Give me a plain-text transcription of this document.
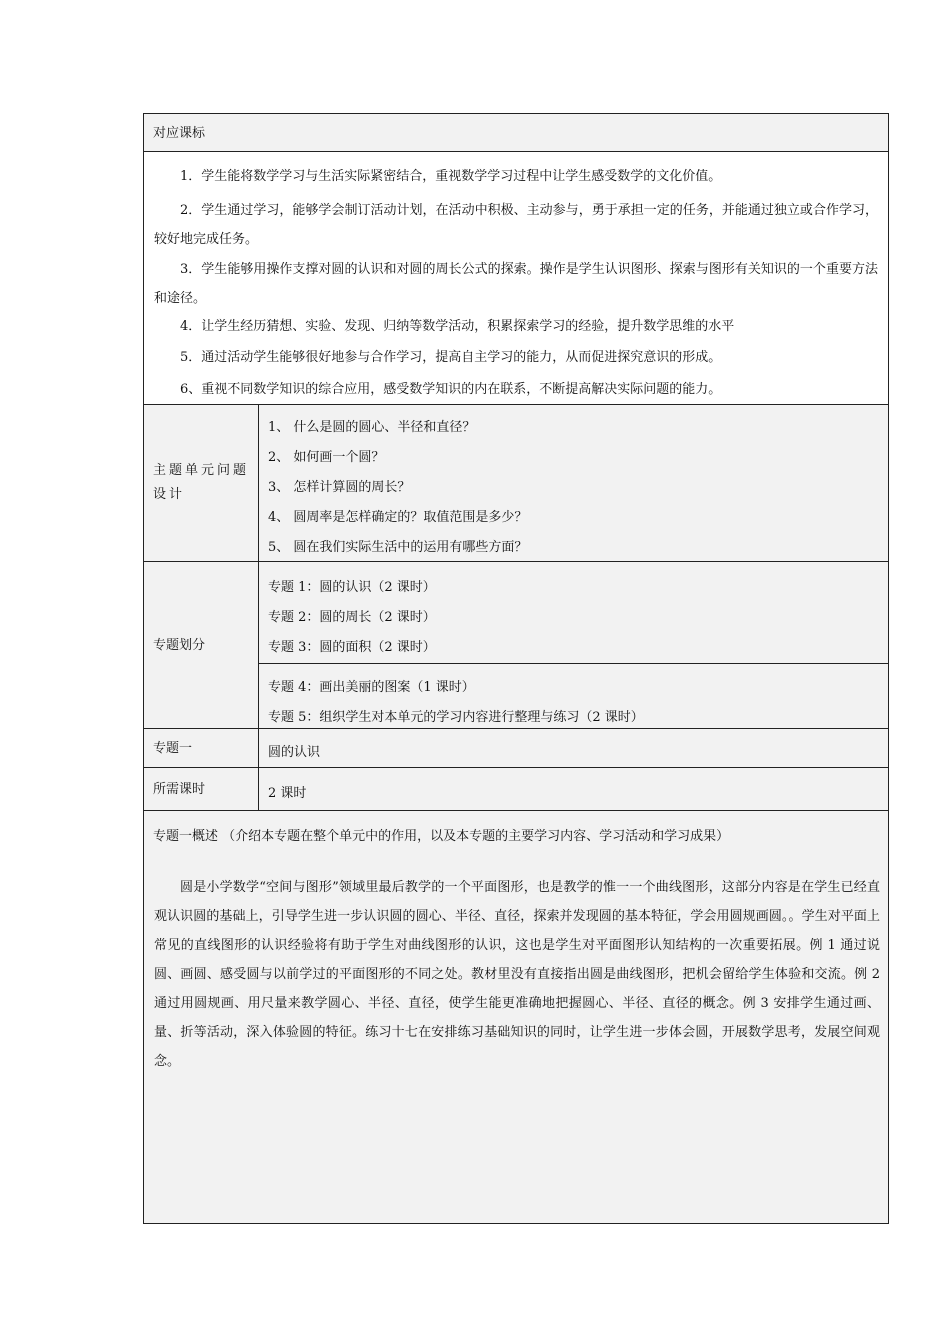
对应课标
1．学生能将数学学习与生活实际紧密结合，重视数学学习过程中让学生感受数学的文化价值。
2．学生通过学习，能够学会制订活动计划，在活动中积极、主动参与，勇于承担一定的任务，并能通过独立或合作学习，较好地完成任务。
3．学生能够用操作支撑对圆的认识和对圆的周长公式的探索。操作是学生认识图形、探索与图形有关知识的一个重要方法和途径。
4．让学生经历猜想、实验、发现、归纳等数学活动，积累探索学习的经验，提升数学思维的水平
5．通过活动学生能够很好地参与合作学习，提高自主学习的能力，从而促进探究意识的形成。
6、重视不同数学知识的综合应用，感受数学知识的内在联系，不断提高解决实际问题的能力。
主题单元问题设计
1、 什么是圆的圆心、半径和直径？
2、 如何画一个圆？
3、 怎样计算圆的周长？
4、 圆周率是怎样确定的？取值范围是多少？
5、 圆在我们实际生活中的运用有哪些方面？
专题划分
专题 1：圆的认识（2 课时）
专题 2：圆的周长（2 课时）
专题 3：圆的面积（2 课时）
专题 4：画出美丽的图案（1 课时）
专题 5：组织学生对本单元的学习内容进行整理与练习（2 课时）
专题一	圆的认识
所需课时	2 课时
专题一概述 （介绍本专题在整个单元中的作用，以及本专题的主要学习内容、学习活动和学习成果）
圆是小学数学“空间与图形”领域里最后教学的一个平面图形，也是教学的惟一一个曲线图形，这部分内容是在学生已经直观认识圆的基础上，引导学生进一步认识圆的圆心、半径、直径，探索并发现圆的基本特征，学会用圆规画圆。。学生对平面上常见的直线图形的认识经验将有助于学生对曲线图形的认识，这也是学生对平面图形认知结构的一次重要拓展。例 1 通过说圆、画圆、感受圆与以前学过的平面图形的不同之处。教材里没有直接指出圆是曲线图形，把机会留给学生体验和交流。例 2 通过用圆规画、用尺量来教学圆心、半径、直径，使学生能更准确地把握圆心、半径、直径的概念。例 3 安排学生通过画、量、折等活动，深入体验圆的特征。练习十七在安排练习基础知识的同时，让学生进一步体会圆，开展数学思考，发展空间观念。
